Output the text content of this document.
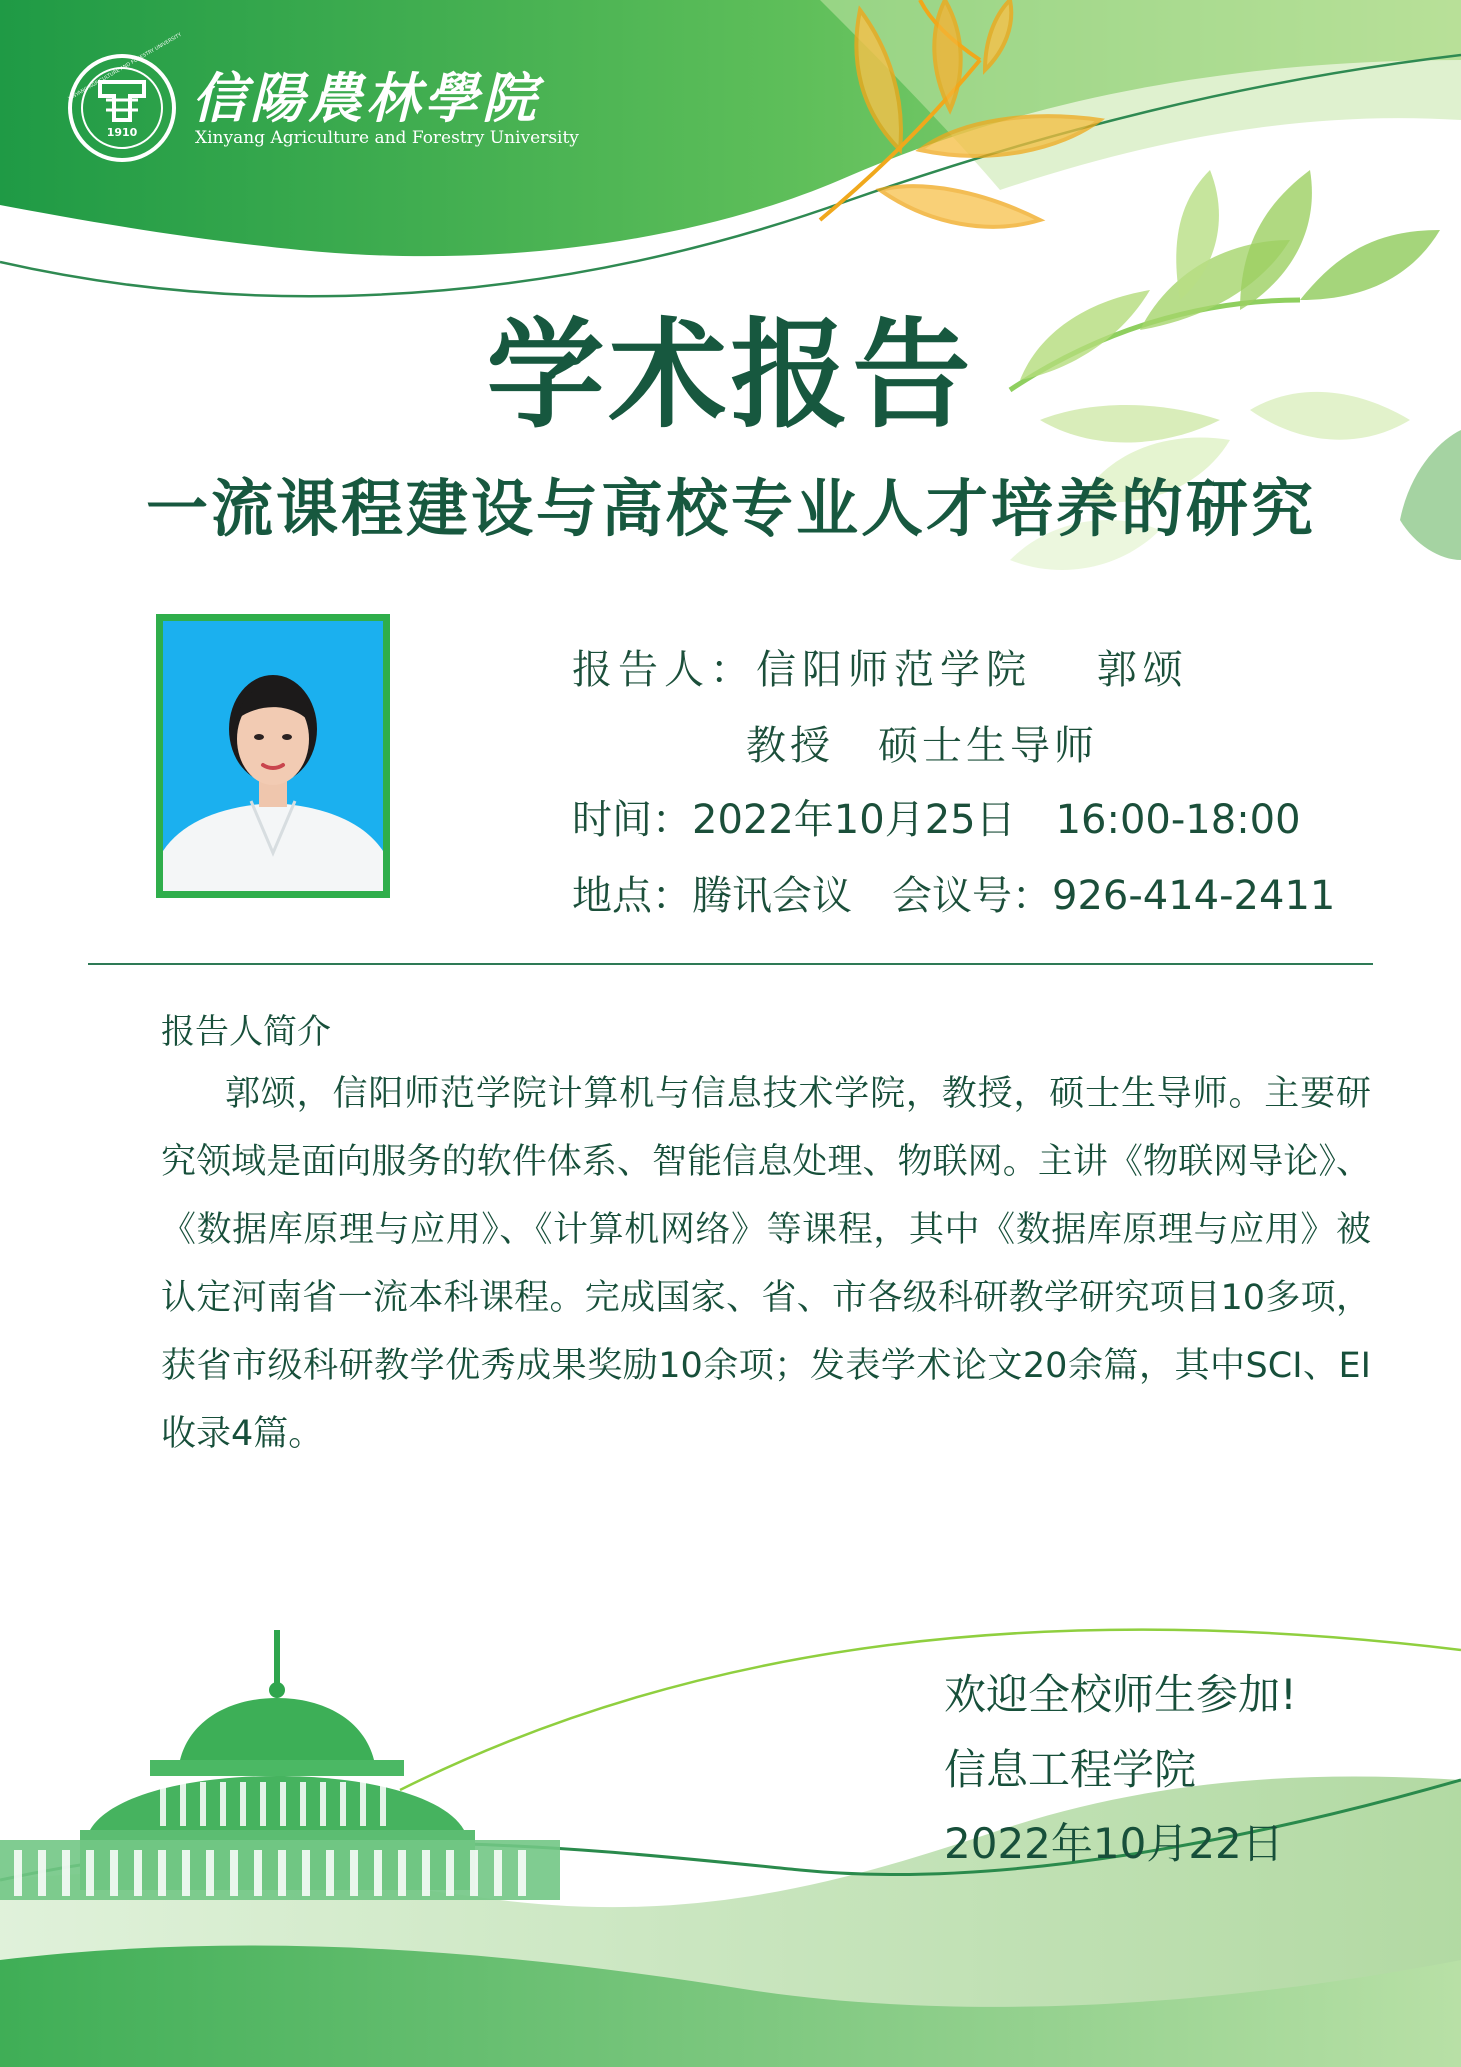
1910
XINYANG AGRICULTURE AND FORESTRY UNIVERSITY 信陽農林學院
Xinyang Agriculture and Forestry University
学术报告
一流课程建设与高校专业人才培养的研究
报告人：信阳师范学院　 郭颂
教授　硕士生导师
时间：2022年10月25日　16:00-18:00
地点：腾讯会议　会议号：926-414-2411
报告人简介
郭颂，信阳师范学院计算机与信息技术学院，教授，硕士生导师。主要研究领域是面向服务的软件体系、智能信息处理、物联网。主讲《物联网导论》、《数据库原理与应用》、《计算机网络》等课程，其中《数据库原理与应用》被认定河南省一流本科课程。完成国家、省、市各级科研教学研究项目10多项，获省市级科研教学优秀成果奖励10余项；发表学术论文20余篇，其中SCI、EI收录4篇。
欢迎全校师生参加!
信息工程学院
2022年10月22日
